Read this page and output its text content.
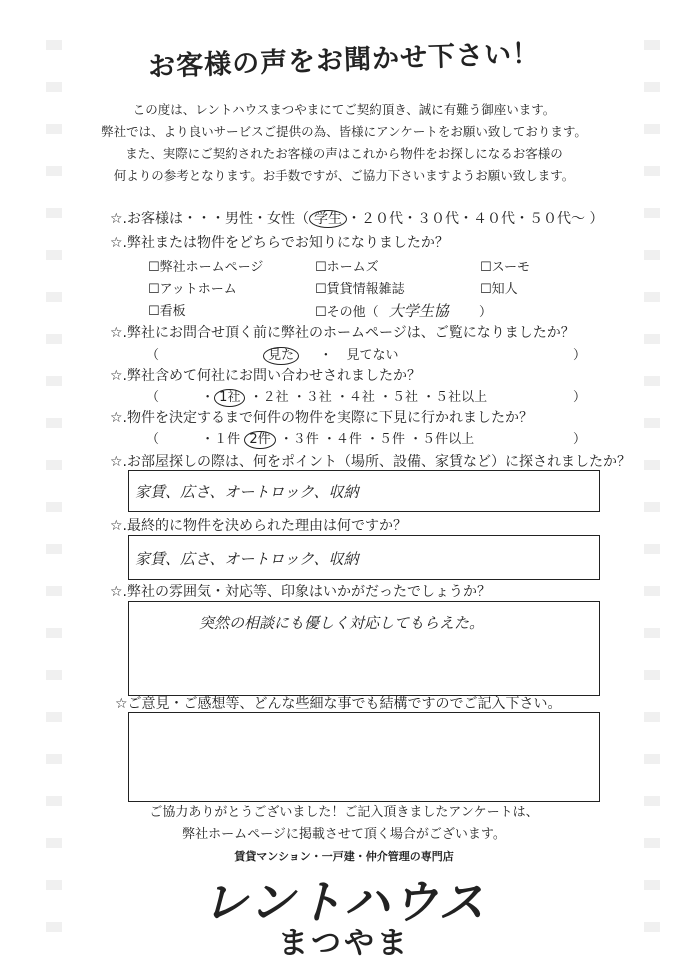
お客様の声をお聞かせ下さい！
この度は、レントハウスまつやまにてご契約頂き、誠に有難う御座います。
弊社では、より良いサービスご提供の為、皆様にアンケートをお願い致しております。
また、実際にご契約されたお客様の声はこれから物件をお探しになるお客様の
何よりの参考となります。お手数ですが、ご協力下さいますようお願い致します。
☆.お客様は・・・男性・女性（ 学生 ・２０代・３０代・４０代・５０代～ ）
☆.弊社または物件をどちらでお知りになりましたか？
☐弊社ホームページ	☐ホームズ	☐スーモ
☐アットホーム	☐賃貸情報雑誌	☐知人
☐看板	☐その他（ 大学生協 ）
☆.弊社にお問合せ頂く前に弊社のホームページは、ご覧になりましたか？
（	見た ・ 見てない	）
☆.弊社含めて何社にお問い合わせされましたか？
（	・ 1社 ・２社 ・３社 ・４社 ・５社 ・５社以上	）
☆.物件を決定するまで何件の物件を実際に下見に行かれましたか？
（	・１件 2件 ・３件 ・４件 ・５件 ・５件以上	）
☆.お部屋探しの際は、何をポイント（場所、設備、家賃など）に探されましたか？
家賃、広さ、オートロック、収納
☆.最終的に物件を決められた理由は何ですか？
家賃、広さ、オートロック、収納
☆.弊社の雰囲気・対応等、印象はいかがだったでしょうか？
突然の相談にも優しく対応してもらえた。
☆ご意見・ご感想等、どんな些細な事でも結構ですのでご記入下さい。
ご協力ありがとうございました！ご記入頂きましたアンケートは、
弊社ホームページに掲載させて頂く場合がございます。
賃貸マンション・一戸建・仲介管理の専門店
レントハウス
まつやま
